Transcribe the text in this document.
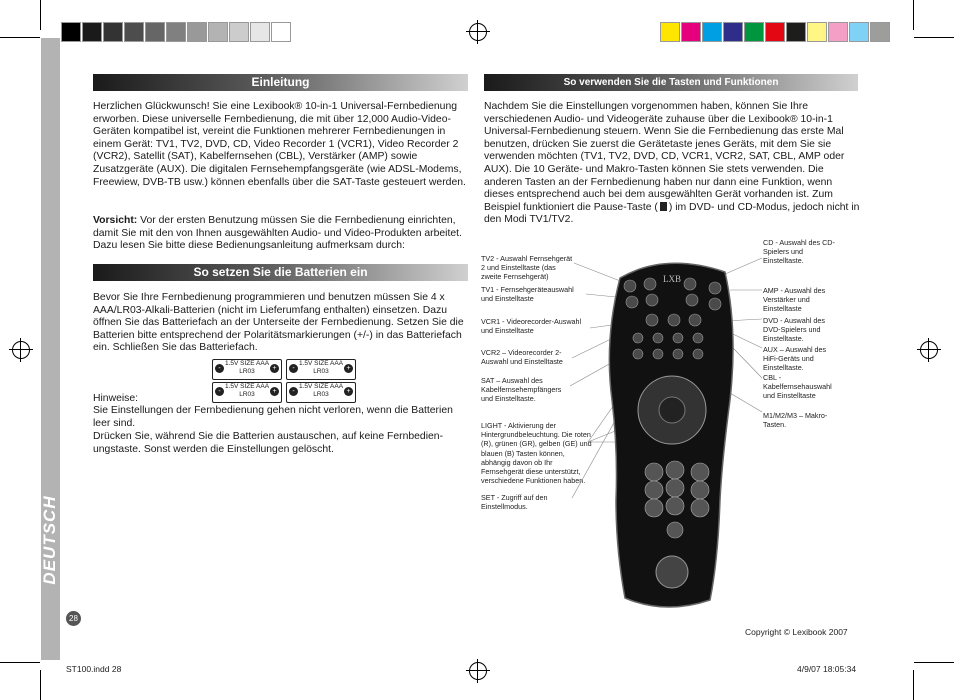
DEUTSCH
28
Einleitung
Herzlichen Glückwunsch! Sie eine Lexibook® 10-in-1 Universal-Fernbedienung erworben. Diese universelle Fernbedienung, die mit über 12,000 Audio-Video-Geräten kompatibel ist, vereint die Funktionen mehrerer Fernbedienungen in einem Gerät: TV1, TV2, DVD, CD, Video Recorder 1 (VCR1), Video Recorder 2 (VCR2), Satellit (SAT), Kabelfernsehen (CBL), Verstärker (AMP) sowie Zusatzgeräte (AUX). Die digitalen Fernsehempfangsgeräte (wie ADSL-Modems, Freewiew, DVB-TB usw.) können ebenfalls über die SAT-Taste gesteuert werden.
Vorsicht: Vor der ersten Benutzung müssen Sie die Fernbedienung einrichten, damit Sie mit den von Ihnen ausgewählten Audio- und Video-Produkten arbeitet. Dazu lesen Sie bitte diese Bedienungsanleitung aufmerksam durch:
So setzen Sie die Batterien ein
Bevor Sie Ihre Fernbedienung programmieren und benutzen müssen Sie 4 x AAA/LR03-Alkali-Batterien (nicht im Lieferumfang enthalten) einsetzen. Dazu öffnen Sie das Batteriefach an der Unterseite der Fernbedienung. Setzen Sie die Batterien bitte entsprechend der Polaritätsmarkierungen (+/-) in das Batteriefach ein. Schließen Sie das Batteriefach.
-
1.5V SIZE AAA
LR03	+	-
1.5V SIZE AAA
LR03	+
-
1.5V SIZE AAA
LR03	+	-
1.5V SIZE AAA
LR03	+
Hinweise:
Sie Einstellungen der Fernbedienung gehen nicht verloren, wenn die Batterien leer sind.
Drücken Sie, während Sie die Batterien austauschen, auf keine Fernbedien-ungstaste. Sonst werden die Einstellungen gelöscht.
So verwenden Sie die Tasten und Funktionen
Nachdem Sie die Einstellungen vorgenommen haben, können Sie Ihre verschiedenen Audio- und Videogeräte zuhause über die Lexibook® 10-in-1 Universal-Fernbedienung steuern. Wenn Sie die Fernbedienung das erste Mal benutzen, drücken Sie zuerst die Gerätetaste jenes Geräts, mit dem Sie sie verwenden möchten (TV1, TV2, DVD, CD, VCR1, VCR2, SAT, CBL, AMP oder AUX). Die 10 Geräte- und Makro-Tasten können Sie stets verwenden. Die anderen Tasten an der Fernbedienung haben nur dann eine Funktion, wenn dieses entsprechend auch bei dem ausgewählten Gerät vorhanden ist. Zum Beispiel funktioniert die Pause-Taste ( ) im DVD- und CD-Modus, jedoch nicht in den Modi TV1/TV2.
TV2 - Auswahl Fernsehgerät 2 und Einstelltaste (das zweite Fernsehgerät)
TV1 - Fernsehgeräteauswahl und Einstelltaste
VCR1 - Videorecorder-Auswahl und Einstelltaste
VCR2 – Videorecorder 2-Auswahl und Einstelltaste
SAT – Auswahl des Kabelfernsehempfängers und Einstelltaste.
LIGHT - Aktivierung der Hintergrundbeleuchtung. Die roten (R), grünen (GR), gelben (GE) und blauen (B) Tasten können, abhängig davon ob Ihr Fernsehgerät diese unterstützt, verschiedene Funktionen haben.
SET - Zugriff auf den Einstellmodus.
CD - Auswahl des CD-Spielers und Einstelltaste.
AMP - Auswahl des Verstärker und Einstelltaste
DVD - Auswahl des DVD-Spielers und Einstelltaste.
AUX – Auswahl des HiFi-Geräts und Einstelltaste.
CBL - Kabelfernsehauswahl und Einstelltaste
M1/M2/M3 – Makro-Tasten.
LXB
Copyright © Lexibook 2007
ST100.indd 28	4/9/07 18:05:34
